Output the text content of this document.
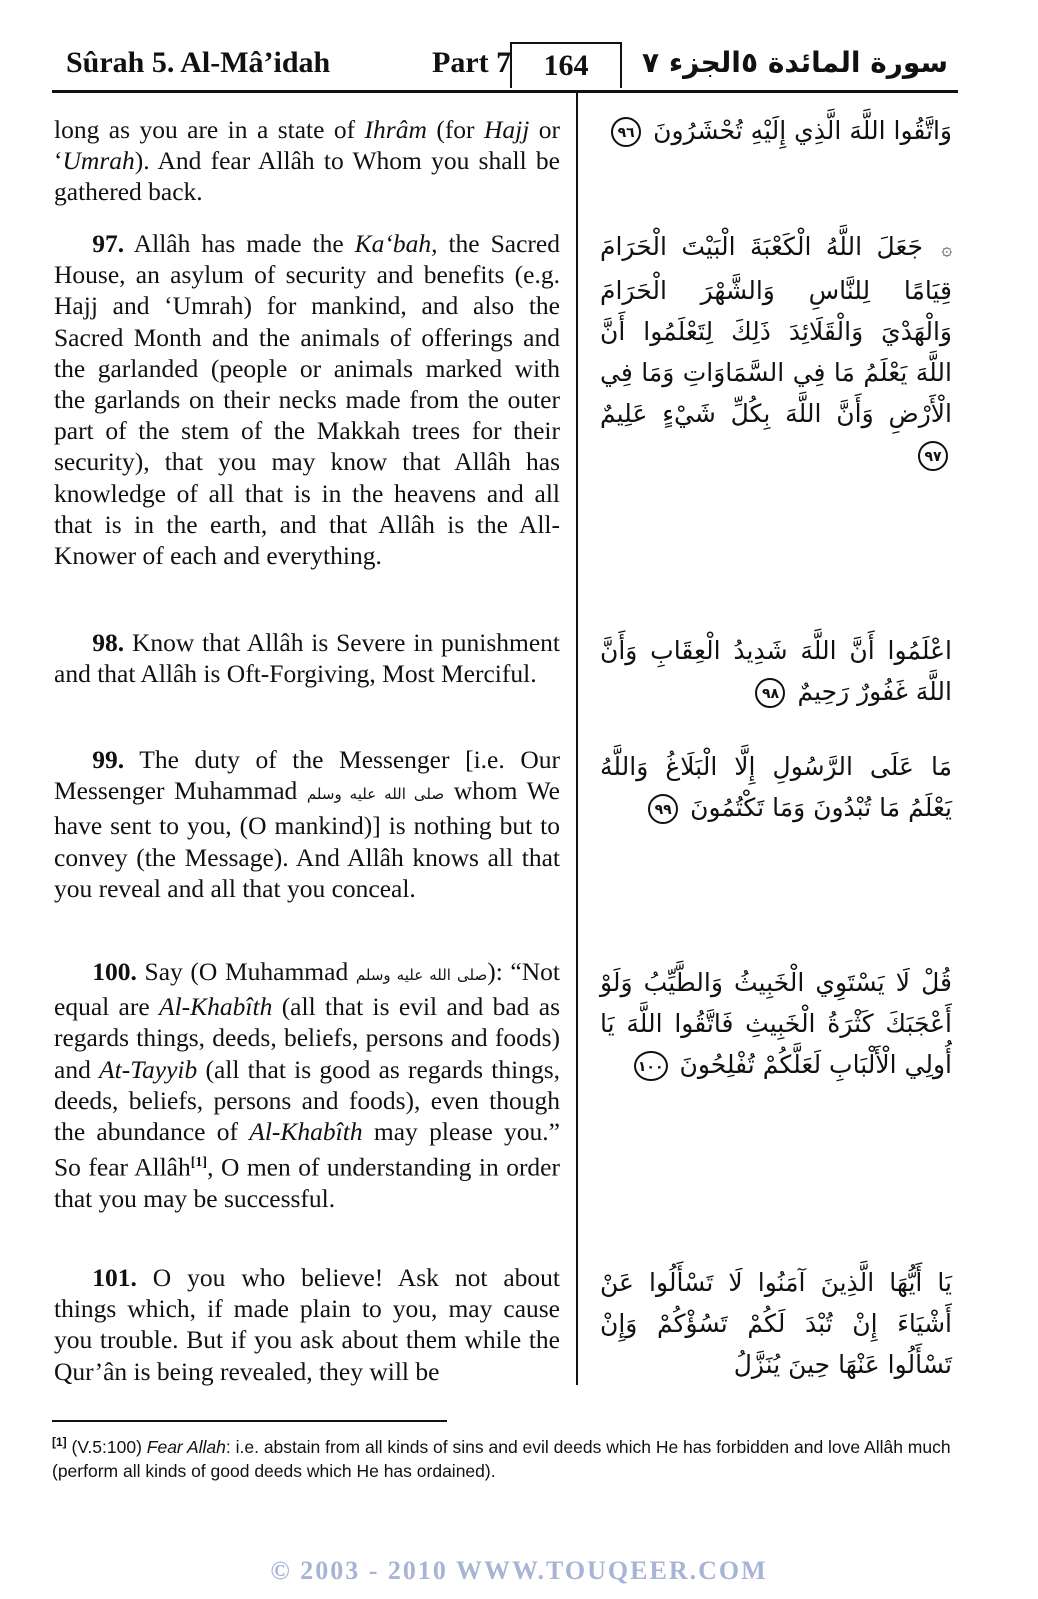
Sûrah 5. Al-Mâ’idah	Part 7	164	الجزء ٧ سورة المائدة ٥

long as you are in a state of Ihrâm (for Hajj or ‘Umrah). And fear Allâh to Whom you shall be gathered back.

  97. Allâh has made the Ka‘bah, the Sacred House, an asylum of security and benefits (e.g. Hajj and ‘Umrah) for mankind, and also the Sacred Month and the animals of offerings and the garlanded (people or animals marked with the garlands on their necks made from the outer part of the stem of the Makkah trees for their security), that you may know that Allâh has knowledge of all that is in the heavens and all that is in the earth, and that Allâh is the All-Knower of each and everything.

  98. Know that Allâh is Severe in punishment and that Allâh is Oft-Forgiving, Most Merciful.

  99. The duty of the Messenger [i.e. Our Messenger Muhammad صلى الله عليه وسلم whom We have sent to you, (O mankind)] is nothing but to convey (the Message). And Allâh knows all that you reveal and all that you conceal.

  100. Say (O Muhammad صلى الله عليه وسلم): “Not equal are Al-Khabîth (all that is evil and bad as regards things, deeds, beliefs, persons and foods) and At-Tayyib (all that is good as regards things, deeds, beliefs, persons and foods), even though the abundance of Al-Khabîth may please you.” So fear Allâh[1], O men of understanding in order that you may be successful.

  101. O you who believe! Ask not about things which, if made plain to you, may cause you trouble. But if you ask about them while the Qur’ân is being revealed, they will be

وَاتَّقُوا اللَّهَ الَّذِي إِلَيْهِ تُحْشَرُونَ ٩٦
۞ جَعَلَ اللَّهُ الْكَعْبَةَ الْبَيْتَ الْحَرَامَ قِيَامًا لِلنَّاسِ وَالشَّهْرَ الْحَرَامَ وَالْهَدْيَ وَالْقَلَائِدَ ذَلِكَ لِتَعْلَمُوا أَنَّ اللَّهَ يَعْلَمُ مَا فِي السَّمَاوَاتِ وَمَا فِي الْأَرْضِ وَأَنَّ اللَّهَ بِكُلِّ شَيْءٍ عَلِيمٌ ٩٧
اعْلَمُوا أَنَّ اللَّهَ شَدِيدُ الْعِقَابِ وَأَنَّ اللَّهَ غَفُورٌ رَحِيمٌ ٩٨
مَا عَلَى الرَّسُولِ إِلَّا الْبَلَاغُ وَاللَّهُ يَعْلَمُ مَا تُبْدُونَ وَمَا تَكْتُمُونَ ٩٩
قُلْ لَا يَسْتَوِي الْخَبِيثُ وَالطَّيِّبُ وَلَوْ أَعْجَبَكَ كَثْرَةُ الْخَبِيثِ فَاتَّقُوا اللَّهَ يَا أُولِي الْأَلْبَابِ لَعَلَّكُمْ تُفْلِحُونَ ١٠٠
يَا أَيُّهَا الَّذِينَ آمَنُوا لَا تَسْأَلُوا عَنْ أَشْيَاءَ إِنْ تُبْدَ لَكُمْ تَسُؤْكُمْ وَإِنْ تَسْأَلُوا عَنْهَا حِينَ يُنَزَّلُ
[1] (V.5:100) Fear Allah: i.e. abstain from all kinds of sins and evil deeds which He has forbidden and love Allâh much (perform all kinds of good deeds which He has ordained).
© 2003 - 2010 WWW.TOUQEER.COM
